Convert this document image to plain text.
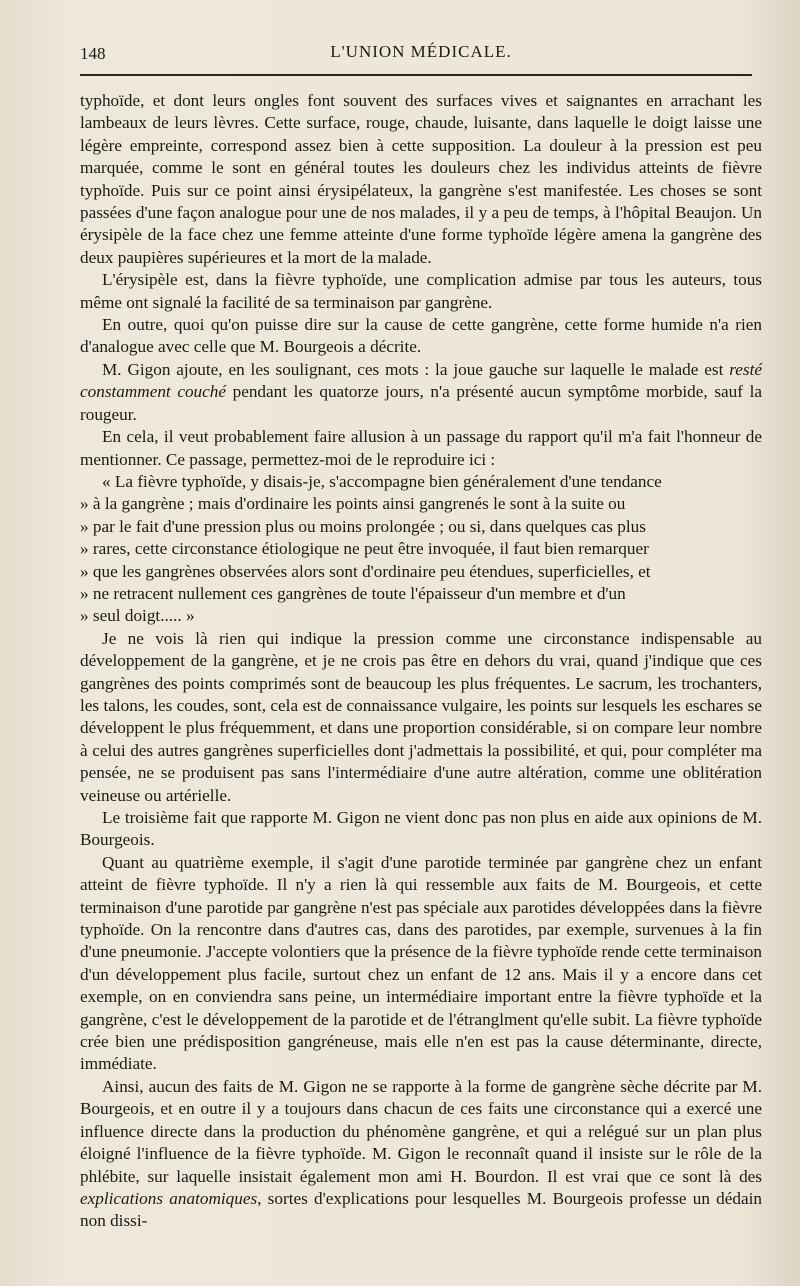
148	L'UNION MÉDICALE.

typhoïde, et dont leurs ongles font souvent des surfaces vives et saignantes en arrachant les lambeaux de leurs lèvres. Cette surface, rouge, chaude, luisante, dans laquelle le doigt laisse une légère empreinte, correspond assez bien à cette supposition. La douleur à la pression est peu marquée, comme le sont en général toutes les douleurs chez les individus atteints de fièvre typhoïde. Puis sur ce point ainsi érysipélateux, la gangrène s'est manifestée. Les choses se sont passées d'une façon analogue pour une de nos malades, il y a peu de temps, à l'hôpital Beaujon. Un érysipèle de la face chez une femme atteinte d'une forme typhoïde légère amena la gangrène des deux paupières supérieures et la mort de la malade.

L'érysipèle est, dans la fièvre typhoïde, une complication admise par tous les auteurs, tous même ont signalé la facilité de sa terminaison par gangrène.

En outre, quoi qu'on puisse dire sur la cause de cette gangrène, cette forme humide n'a rien d'analogue avec celle que M. Bourgeois a décrite.

M. Gigon ajoute, en les soulignant, ces mots : la joue gauche sur laquelle le malade est resté constamment couché pendant les quatorze jours, n'a présenté aucun symptôme morbide, sauf la rougeur.

En cela, il veut probablement faire allusion à un passage du rapport qu'il m'a fait l'honneur de mentionner. Ce passage, permettez-moi de le reproduire ici :

« La fièvre typhoïde, y disais-je, s'accompagne bien généralement d'une tendance

» à la gangrène ; mais d'ordinaire les points ainsi gangrenés le sont à la suite ou

» par le fait d'une pression plus ou moins prolongée ; ou si, dans quelques cas plus

» rares, cette circonstance étiologique ne peut être invoquée, il faut bien remarquer

» que les gangrènes observées alors sont d'ordinaire peu étendues, superficielles, et

» ne retracent nullement ces gangrènes de toute l'épaisseur d'un membre et d'un

» seul doigt..... »

Je ne vois là rien qui indique la pression comme une circonstance indispensable au développement de la gangrène, et je ne crois pas être en dehors du vrai, quand j'indique que ces gangrènes des points comprimés sont de beaucoup les plus fréquentes. Le sacrum, les trochanters, les talons, les coudes, sont, cela est de connaissance vulgaire, les points sur lesquels les eschares se développent le plus fréquemment, et dans une proportion considérable, si on compare leur nombre à celui des autres gangrènes superficielles dont j'admettais la possibilité, et qui, pour compléter ma pensée, ne se produisent pas sans l'intermédiaire d'une autre altération, comme une oblitération veineuse ou artérielle.

Le troisième fait que rapporte M. Gigon ne vient donc pas non plus en aide aux opinions de M. Bourgeois.

Quant au quatrième exemple, il s'agit d'une parotide terminée par gangrène chez un enfant atteint de fièvre typhoïde. Il n'y a rien là qui ressemble aux faits de M. Bourgeois, et cette terminaison d'une parotide par gangrène n'est pas spéciale aux parotides développées dans la fièvre typhoïde. On la rencontre dans d'autres cas, dans des parotides, par exemple, survenues à la fin d'une pneumonie. J'accepte volontiers que la présence de la fièvre typhoïde rende cette terminaison d'un développement plus facile, surtout chez un enfant de 12 ans. Mais il y a encore dans cet exemple, on en conviendra sans peine, un intermédiaire important entre la fièvre typhoïde et la gangrène, c'est le développement de la parotide et de l'étranglment qu'elle subit. La fièvre typhoïde crée bien une prédisposition gangréneuse, mais elle n'en est pas la cause déterminante, directe, immédiate.

Ainsi, aucun des faits de M. Gigon ne se rapporte à la forme de gangrène sèche décrite par M. Bourgeois, et en outre il y a toujours dans chacun de ces faits une circonstance qui a exercé une influence directe dans la production du phénomène gangrène, et qui a relégué sur un plan plus éloigné l'influence de la fièvre typhoïde. M. Gigon le reconnaît quand il insiste sur le rôle de la phlébite, sur laquelle insistait également mon ami H. Bourdon. Il est vrai que ce sont là des explications anatomiques, sortes d'explications pour lesquelles M. Bourgeois professe un dédain non dissi-
